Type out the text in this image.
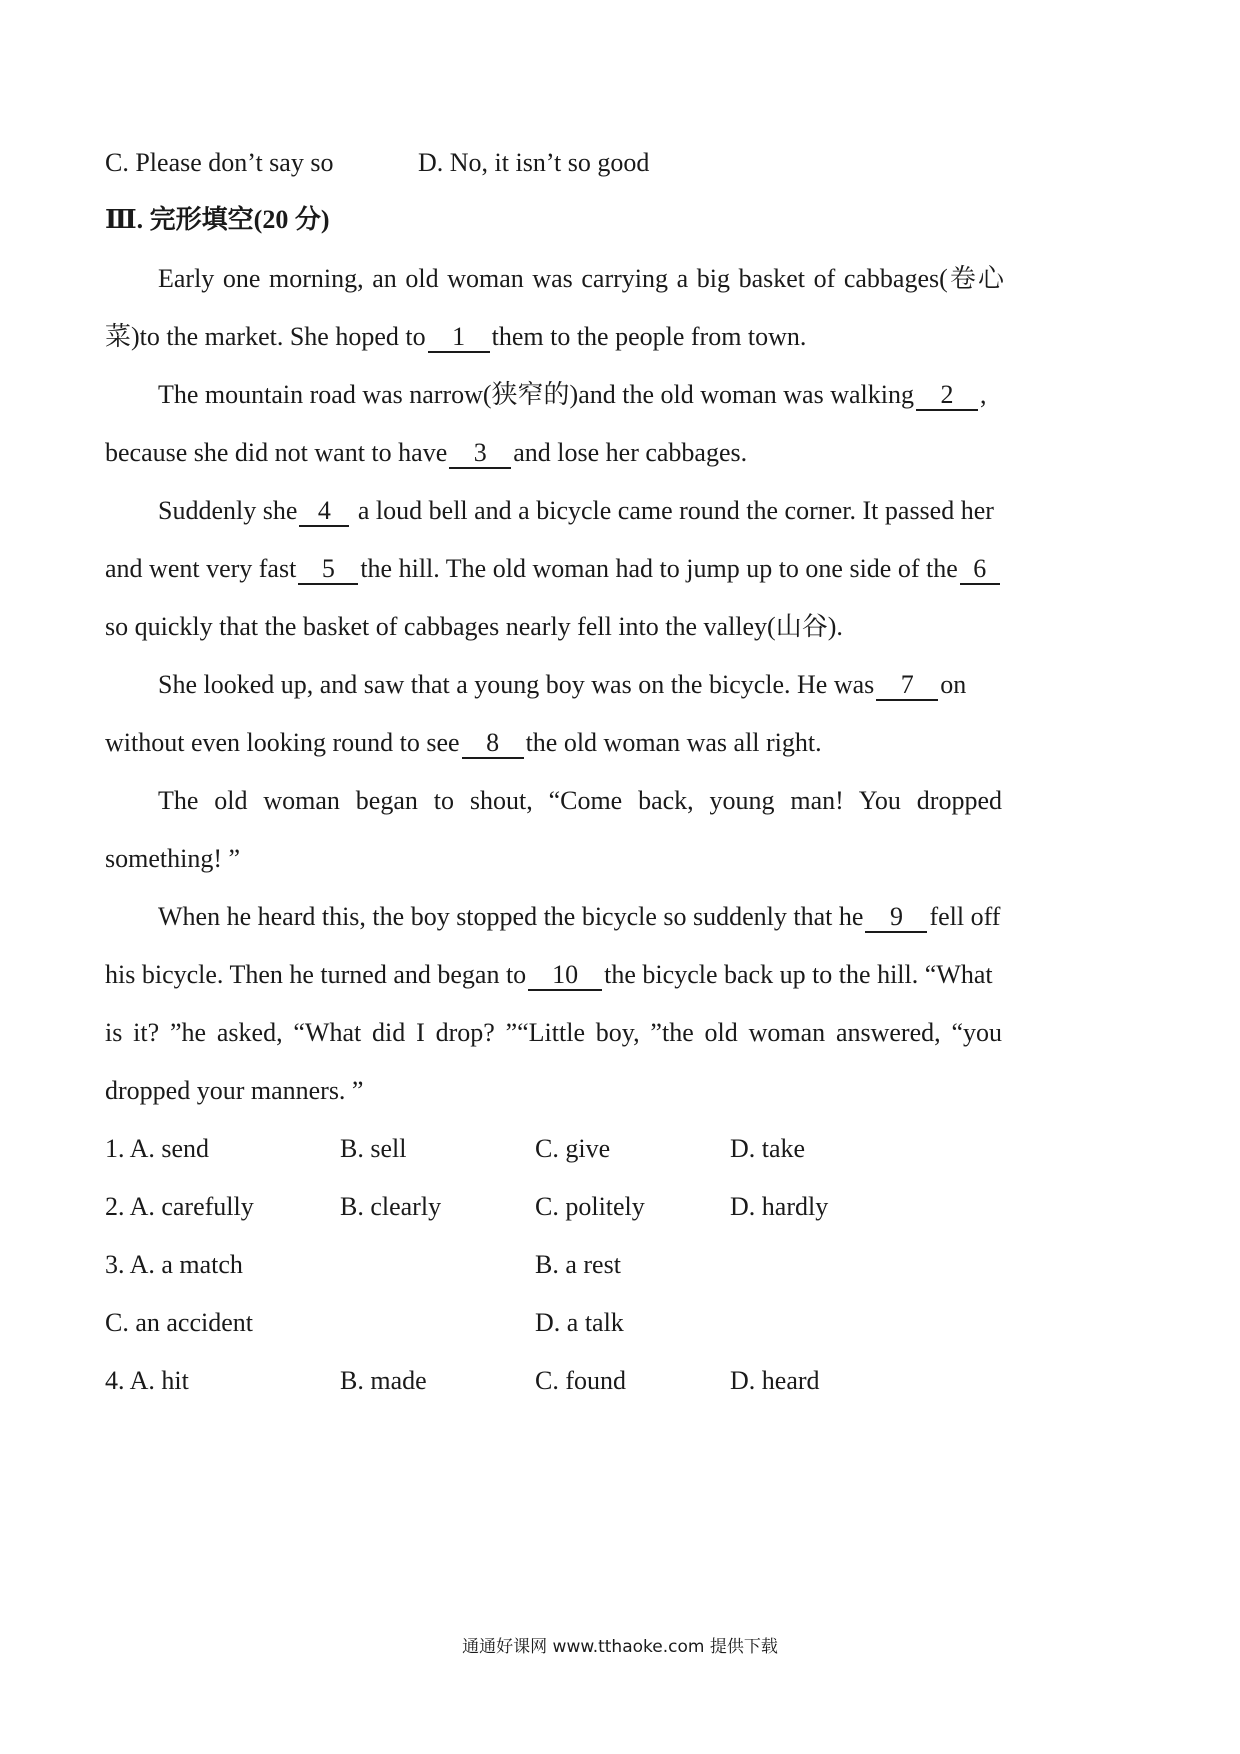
C. Please don’t say so	D. No, it isn’t so good
Ⅲ. 完形填空(20 分)
Early one morning, an old woman was carrying a big basket of cabbages(卷心
菜)to the market. She hoped to 1 them to the people from town.
The mountain road was narrow(狭窄的)and the old woman was walking 2 ,
because she did not want to have 3 and lose her cabbages.
Suddenly she 4 a loud bell and a bicycle came round the corner. It passed her
and went very fast 5 the hill. The old woman had to jump up to one side of the 6
so quickly that the basket of cabbages nearly fell into the valley(山谷).
She looked up, and saw that a young boy was on the bicycle. He was 7 on
without even looking round to see 8 the old woman was all right.
The old woman began to shout, “Come back, young man! You dropped
something! ”
When he heard this, the boy stopped the bicycle so suddenly that he 9 fell off
his bicycle. Then he turned and began to 10 the bicycle back up to the hill. “What
is it? ”he asked, “What did I drop? ”“Little boy, ”the old woman answered, “you
dropped your manners. ”
1. A. send	B. sell	C. give	D. take
2. A. carefully	B. clearly	C. politely	D. hardly
3. A. a match	B. a rest
C. an accident	D. a talk
4. A. hit	B. made	C. found	D. heard
通通好课网 www.tthaoke.com 提供下载
